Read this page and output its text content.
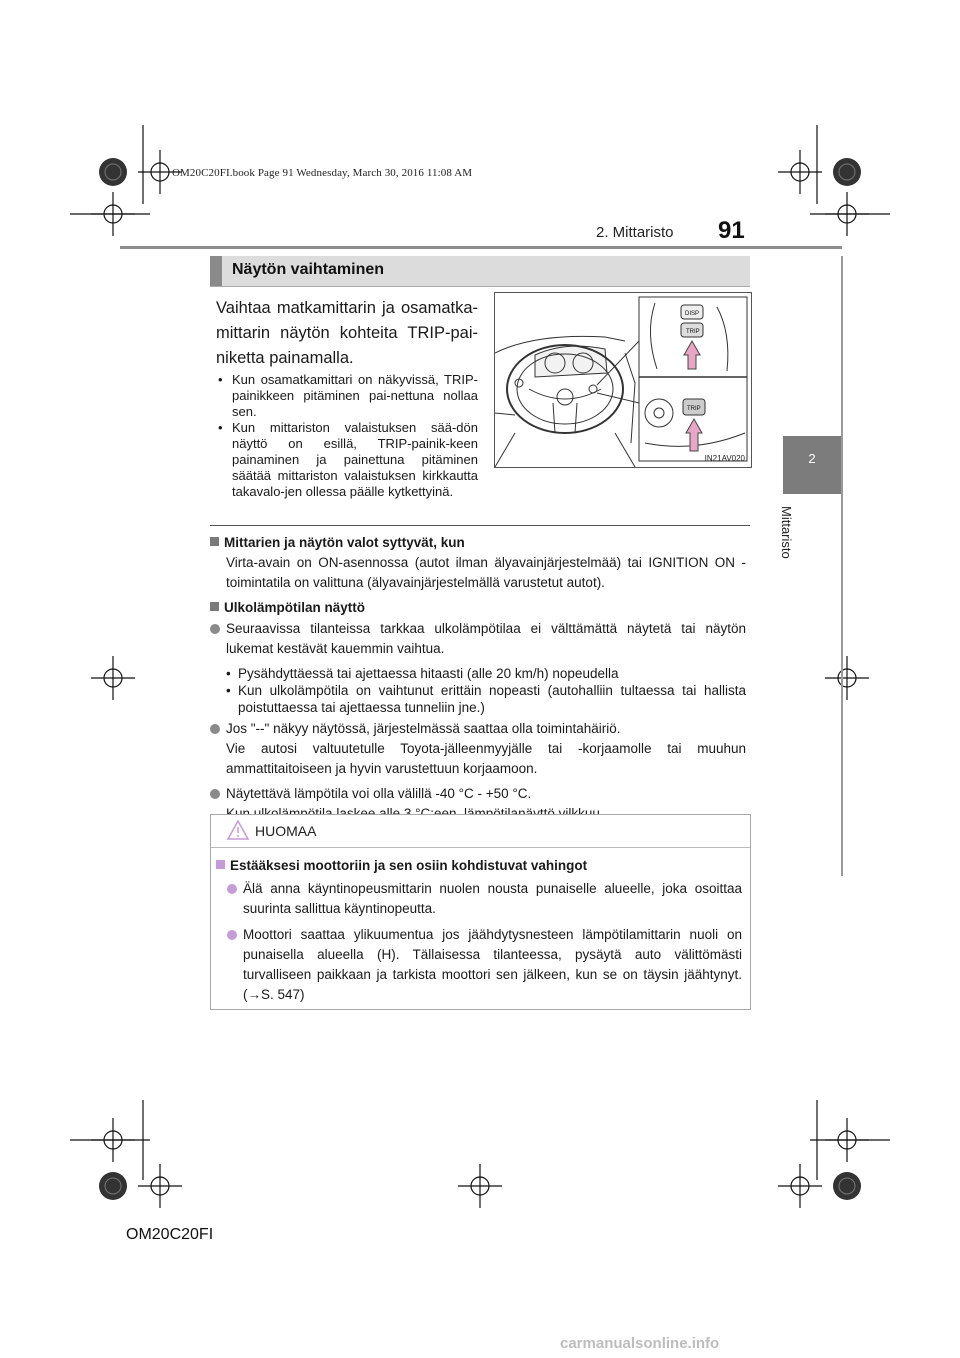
OM20C20FI.book Page 91 Wednesday, March 30, 2016 11:08 AM
2. Mittaristo 91
2
Mittaristo
Näytön vaihtaminen
Vaihtaa matkamittarin ja osamatka-mittarin näytön kohteita TRIP-pai-niketta painamalla.
• Kun osamatkamittari on näkyvissä, TRIP-painikkeen pitäminen pai-nettuna nollaa sen.
• Kun mittariston valaistuksen sää-dön näyttö on esillä, TRIP-painik-keen painaminen ja painettuna pitäminen säätää mittariston valaistuksen kirkkautta takavalo-jen ollessa päälle kytkettyinä.
DISP
TRIP
TRIP
IN21AV020
Mittarien ja näytön valot syttyvät, kun
Virta-avain on ON-asennossa (autot ilman älyavainjärjestelmää) tai IGNITION ON -toimintatila on valittuna (älyavainjärjestelmällä varustetut autot).
Ulkolämpötilan näyttö
Seuraavissa tilanteissa tarkkaa ulkolämpötilaa ei välttämättä näytetä tai näytön lukemat kestävät kauemmin vaihtua.
• Pysähdyttäessä tai ajettaessa hitaasti (alle 20 km/h) nopeudella
• Kun ulkolämpötila on vaihtunut erittäin nopeasti (autohalliin tultaessa tai hallista poistuttaessa tai ajettaessa tunneliin jne.)
Jos "--" näkyy näytössä, järjestelmässä saattaa olla toimintahäiriö.
Vie autosi valtuutetulle Toyota-jälleenmyyjälle tai -korjaamolle tai muuhun ammattitaitoiseen ja hyvin varustettuun korjaamoon.
Näytettävä lämpötila voi olla välillä -40 °C - +50 °C.
HUOMAA
Estääksesi moottoriin ja sen osiin kohdistuvat vahingot
Älä anna käyntinopeusmittarin nuolen nousta punaiselle alueelle, joka osoittaa suurinta sallittua käyntinopeutta.
Moottori saattaa ylikuumentua jos jäähdytysnesteen lämpötilamittarin nuoli on punaisella alueella (H). Tällaisessa tilanteessa, pysäytä auto välittömästi turvalliseen paikkaan ja tarkista moottori sen jälkeen, kun se on täysin jäähtynyt. (→S. 547)
OM20C20FI
carmanualsonline.info
